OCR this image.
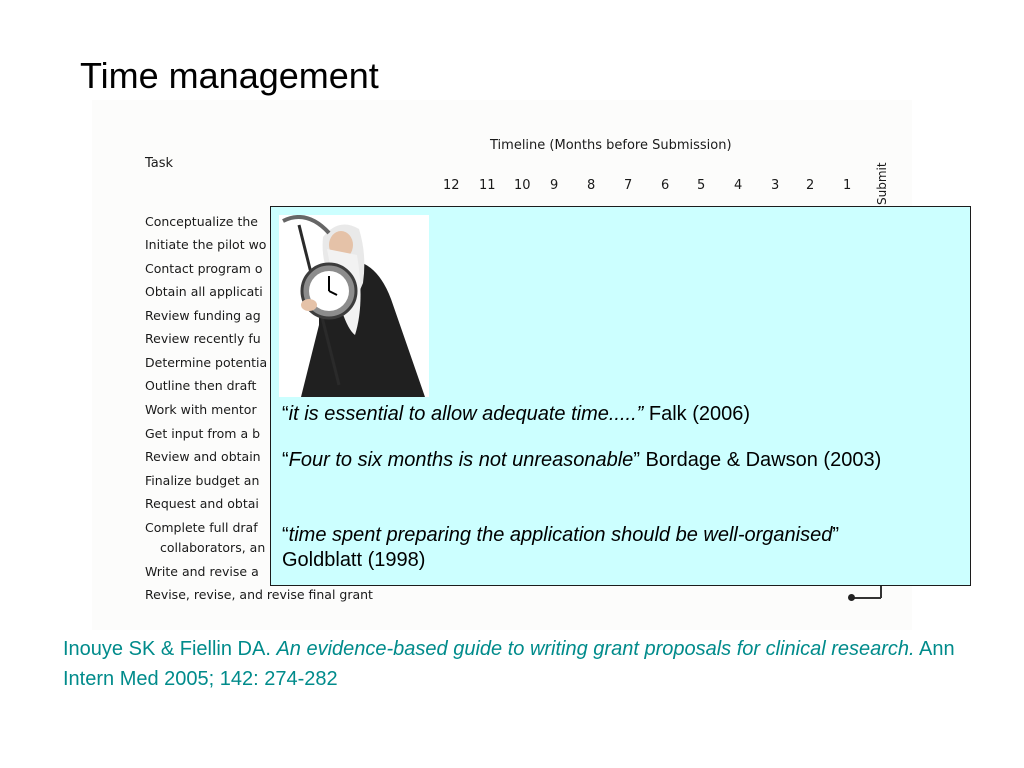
Time management
Task
Timeline (Months before Submission)
12 11 10 9 8 7 6 5 4 3 2 1 Submit
Conceptualize the
Initiate the pilot wo
Contact program o
Obtain all applicati
Review funding ag
Review recently fu
Determine potentia
Outline then draft
Work with mentor
Get input from a b
Review and obtain
Finalize budget an
Request and obtai
Complete full draf
collaborators, an
Write and revise a
Revise, revise, and revise final grant
“it is essential to allow adequate time.....” Falk (2006)
“Four to six months is not unreasonable” Bordage & Dawson (2003)
“time spent preparing the application should be well-organised” Goldblatt (1998)
Inouye SK & Fiellin DA. An evidence-based guide to writing grant proposals for clinical research. Ann Intern Med 2005; 142: 274-282
